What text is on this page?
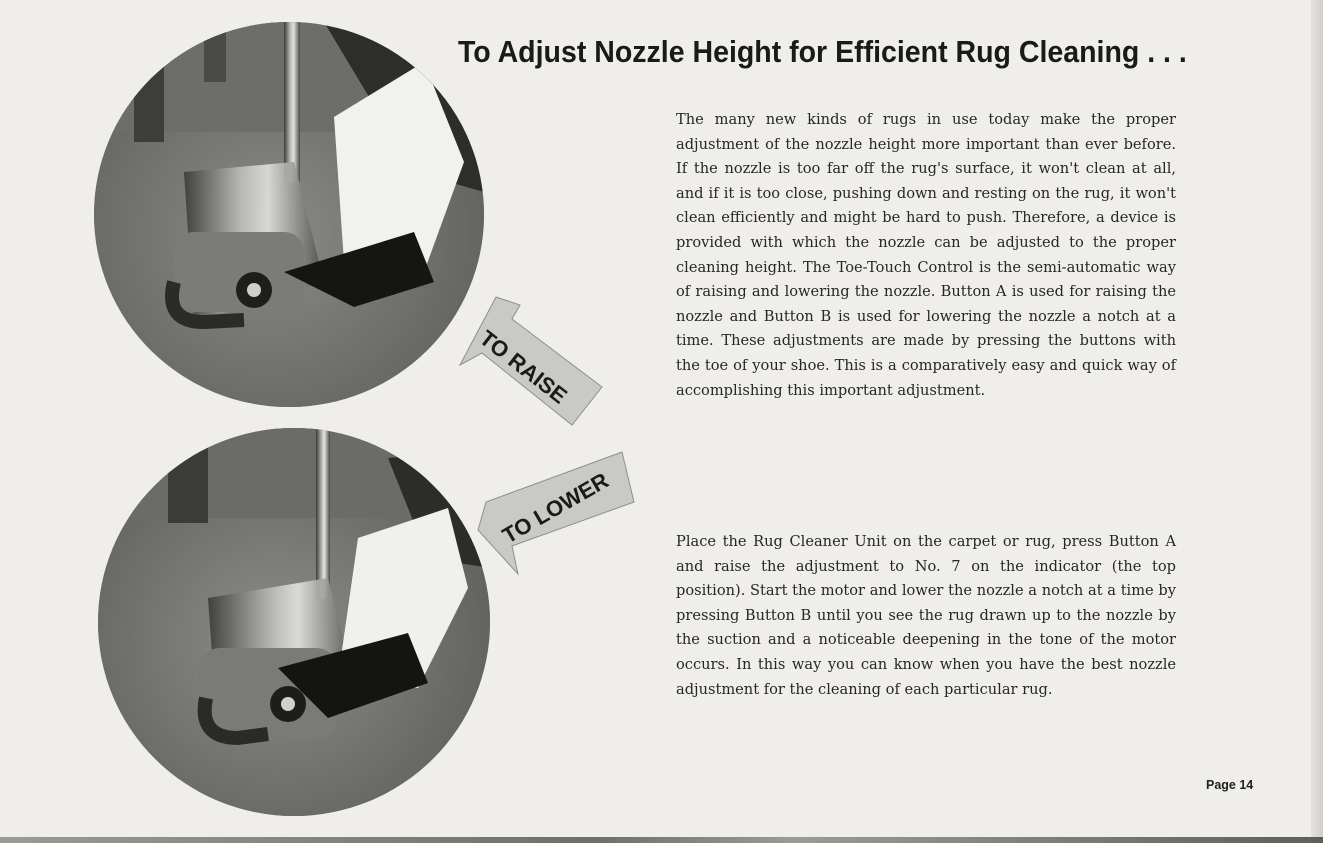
To Adjust Nozzle Height for Efficient Rug Cleaning . . .
TO RAISE
TO LOWER

The many new kinds of rugs in use today make the proper adjustment of the nozzle height more important than ever before. If the nozzle is too far off the rug's surface, it won't clean at all, and if it is too close, pushing down and resting on the rug, it won't clean efficiently and might be hard to push. Therefore, a device is provided with which the nozzle can be adjusted to the proper cleaning height. The Toe-Touch Control is the semi-automatic way of raising and lowering the nozzle. Button A is used for raising the nozzle and Button B is used for lowering the nozzle a notch at a time. These adjustments are made by pressing the buttons with the toe of your shoe. This is a comparatively easy and quick way of accomplishing this important adjustment.

Place the Rug Cleaner Unit on the carpet or rug, press Button A and raise the adjustment to No. 7 on the indicator (the top position). Start the motor and lower the nozzle a notch at a time by pressing Button B until you see the rug drawn up to the nozzle by the suction and a noticeable deepening in the tone of the motor occurs. In this way you can know when you have the best nozzle adjustment for the cleaning of each particular rug.

Page 14
